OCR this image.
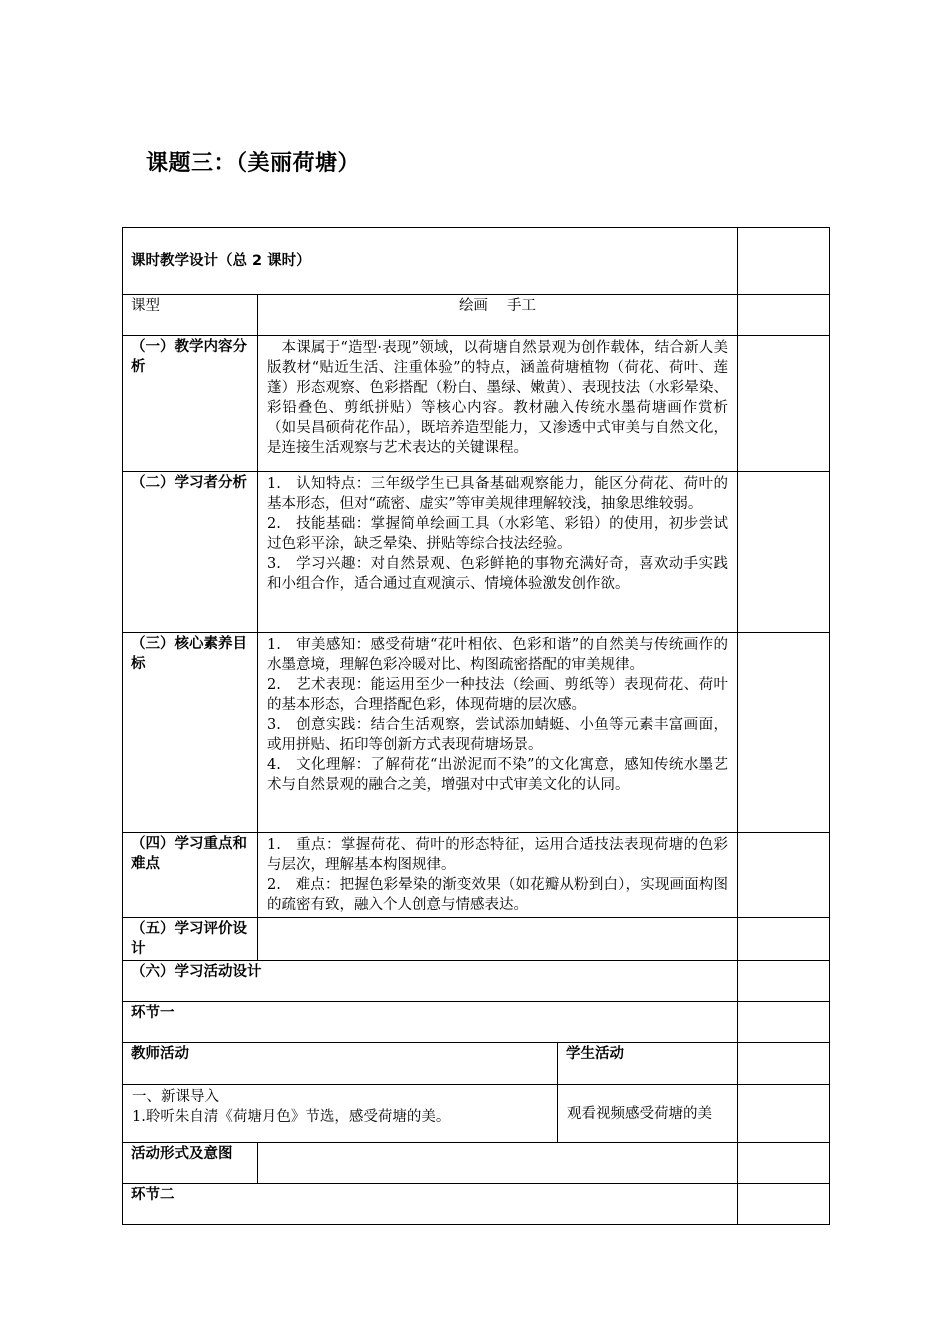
课题三：（美丽荷塘）
课时教学设计（总 2 课时）			
课型	绘画　 手工		
（一）教学内容分析	本课属于“造型·表现”领域，以荷塘自然景观为创作载体，结合新人美版教材“贴近生活、注重体验”的特点，涵盖荷塘植物（荷花、荷叶、莲蓬）形态观察、色彩搭配（粉白、墨绿、嫩黄）、表现技法（水彩晕染、彩铅叠色、剪纸拼贴）等核心内容。教材融入传统水墨荷塘画作赏析（如吴昌硕荷花作品），既培养造型能力，又渗透中式审美与自然文化，是连接生活观察与艺术表达的关键课程。		

（二）学习者分析	1.　认知特点：三年级学生已具备基础观察能力，能区分荷花、荷叶的基本形态，但对“疏密、虚实”等审美规律理解较浅，抽象思维较弱。

2.　技能基础：掌握简单绘画工具（水彩笔、彩铅）的使用，初步尝试过色彩平涂，缺乏晕染、拼贴等综合技法经验。

3.　学习兴趣：对自然景观、色彩鲜艳的事物充满好奇，喜欢动手实践和小组合作，适合通过直观演示、情境体验激发创作欲。		

（三）核心素养目标	1.　审美感知：感受荷塘“花叶相依、色彩和谐”的自然美与传统画作的水墨意境，理解色彩冷暖对比、构图疏密搭配的审美规律。

2.　艺术表现：能运用至少一种技法（绘画、剪纸等）表现荷花、荷叶的基本形态，合理搭配色彩，体现荷塘的层次感。

3.　创意实践：结合生活观察，尝试添加蜻蜓、小鱼等元素丰富画面，或用拼贴、拓印等创新方式表现荷塘场景。

4.　文化理解：了解荷花“出淤泥而不染”的文化寓意，感知传统水墨艺术与自然景观的融合之美，增强对中式审美文化的认同。		

（四）学习重点和难点	1.　重点：掌握荷花、荷叶的形态特征，运用合适技法表现荷塘的色彩与层次，理解基本构图规律。

2.　难点：把握色彩晕染的渐变效果（如花瓣从粉到白），实现画面构图的疏密有致，融入个人创意与情感表达。		

（五）学习评价设计			
（六）学习活动设计			
环节一			
教师活动		学生活动	

一、新课导入

1.聆听朱自清《荷塘月色》节选，感受荷塘的美。		观看视频感受荷塘的美	
活动形式及意图			
环节二			
